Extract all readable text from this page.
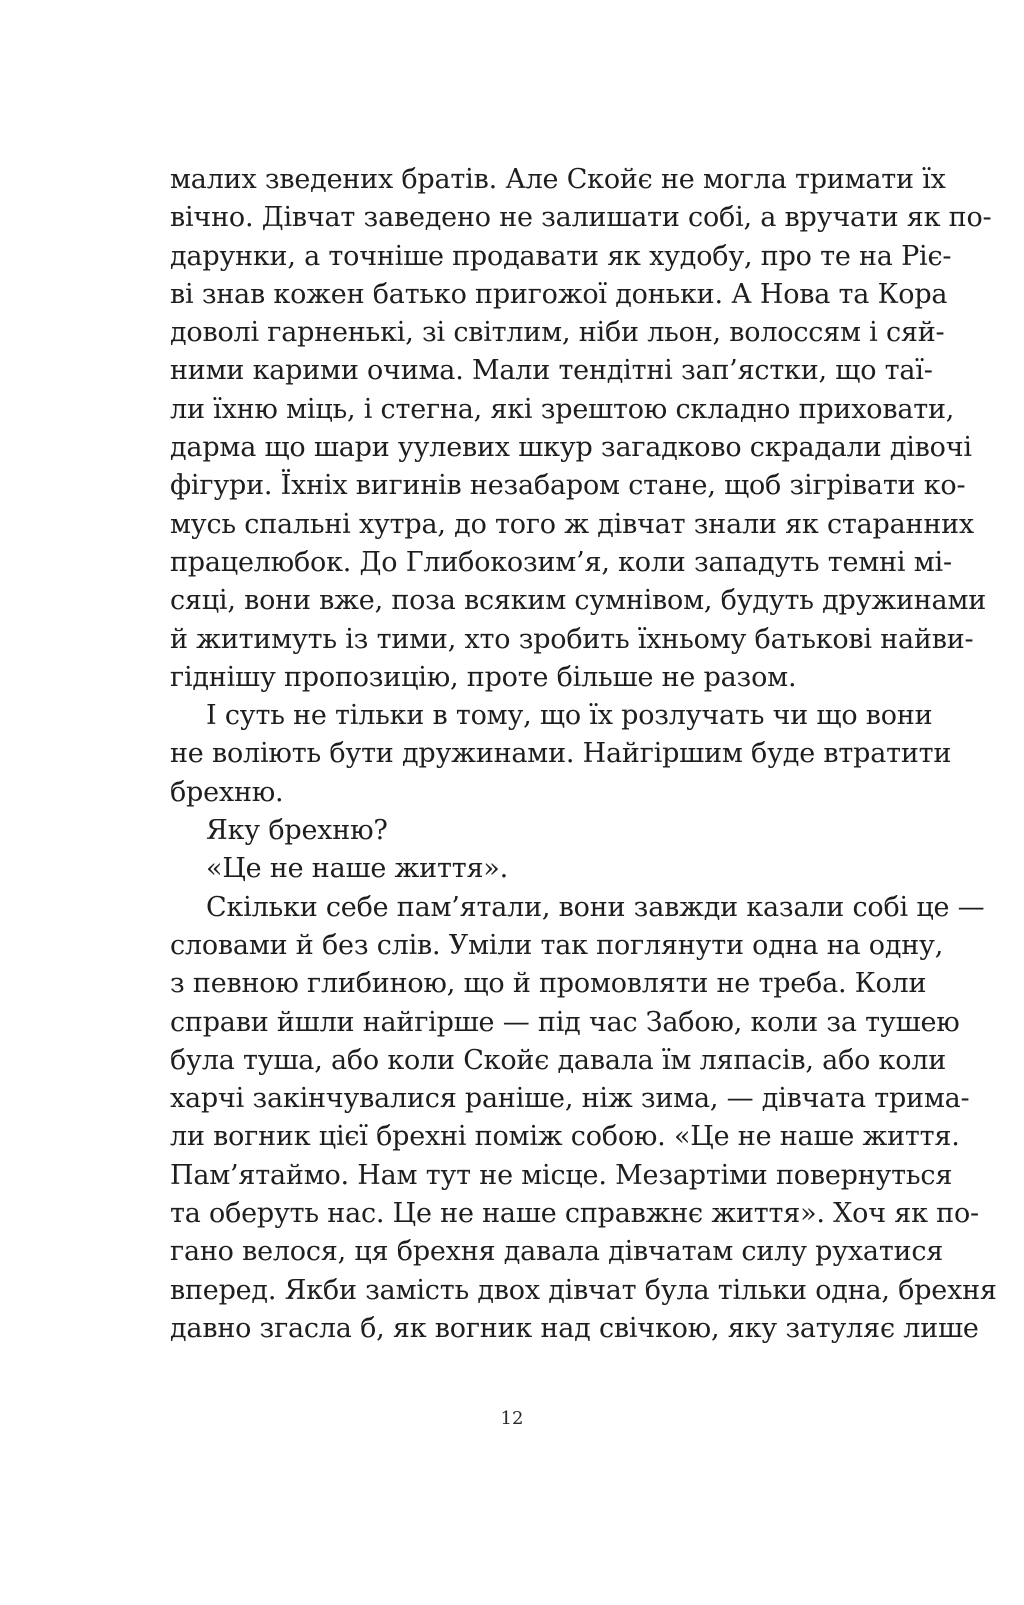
малих зведених братів. Але Скойє не могла тримати їх
вічно. Дівчат заведено не залишати собі, а вручати як по-
дарунки, а точніше продавати як худобу, про те на Ріє-
ві знав кожен батько пригожої доньки. А Нова та Кора
доволі гарненькі, зі світлим, ніби льон, волоссям і сяй-
ними карими очима. Мали тендітні зап’ястки, що таї-
ли їхню міць, і стегна, які зрештою складно приховати,
дарма що шари уулевих шкур загадково скрадали дівочі
фігури. Їхніх вигинів незабаром стане, щоб зігрівати ко-
мусь спальні хутра, до того ж дівчат знали як старанних
працелюбок. До Глибокозим’я, коли западуть темні мі-
сяці, вони вже, поза всяким сумнівом, будуть дружинами
й житимуть із тими, хто зробить їхньому батькові найви-
гіднішу пропозицію, проте більше не разом.
І суть не тільки в тому, що їх розлучать чи що вони
не воліють бути дружинами. Найгіршим буде втратити
брехню.
Яку брехню?
«Це не наше життя».
Скільки себе пам’ятали, вони завжди казали собі це —
словами й без слів. Уміли так поглянути одна на одну,
з певною глибиною, що й промовляти не треба. Коли
справи йшли найгірше — під час Забою, коли за тушею
була туша, або коли Скойє давала їм ляпасів, або коли
харчі закінчувалися раніше, ніж зима, — дівчата трима-
ли вогник цієї брехні поміж собою. «Це не наше життя.
Пам’ятаймо. Нам тут не місце. Мезартіми повернуться
та оберуть нас. Це не наше справжнє життя». Хоч як по-
гано велося, ця брехня давала дівчатам силу рухатися
вперед. Якби замість двох дівчат була тільки одна, брехня
давно згасла б, як вогник над свічкою, яку затуляє лише
12
